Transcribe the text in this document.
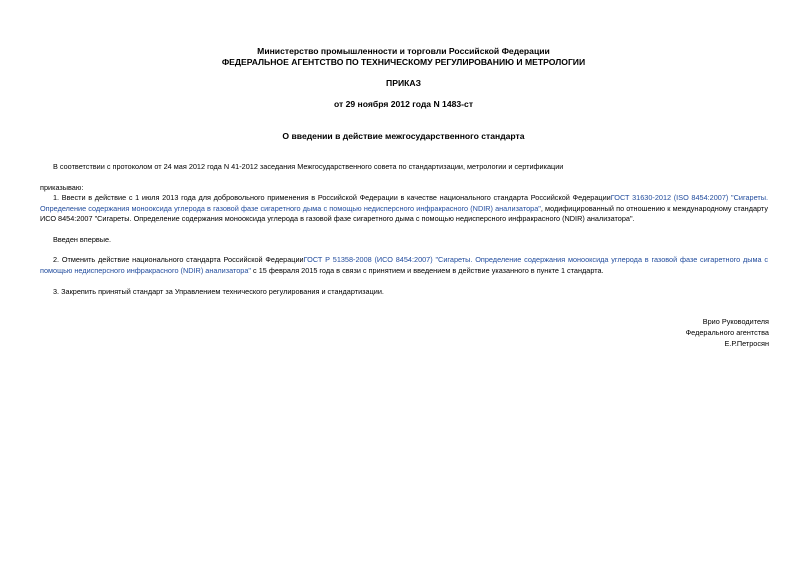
Министерство промышленности и торговли Российской Федерации
ФЕДЕРАЛЬНОЕ АГЕНТСТВО ПО ТЕХНИЧЕСКОМУ РЕГУЛИРОВАНИЮ И МЕТРОЛОГИИ
ПРИКАЗ
от 29 ноября 2012 года N 1483-ст
О введении в действие межгосударственного стандарта
В соответствии с протоколом от 24 мая 2012 года N 41-2012 заседания Межгосударственного совета по стандартизации, метрологии и сертификации
приказываю:
1. Ввести в действие с 1 июля 2013 года для добровольного применения в Российской Федерации в качестве национального стандарта Российской ФедерацииГОСТ 31630-2012 (ISO 8454:2007) "Сигареты. Определение содержания монооксида углерода в газовой фазе сигаретного дыма с помощью недисперсного инфракрасного (NDIR) анализатора", модифицированный по отношению к международному стандарту ИСО 8454:2007 "Сигареты. Определение содержания монооксида углерода в газовой фазе сигаретного дыма с помощью недисперсного инфракрасного (NDIR) анализатора".
Введен впервые.
2. Отменить действие национального стандарта Российской ФедерацииГОСТ Р 51358-2008 (ИСО 8454:2007) "Сигареты. Определение содержания монооксида углерода в газовой фазе сигаретного дыма с помощью недисперсного инфракрасного (NDIR) анализатора" с 15 февраля 2015 года в связи с принятием и введением в действие указанного в пункте 1 стандарта.
3. Закрепить принятый стандарт за Управлением технического регулирования и стандартизации.
Врио Руководителя
Федерального агентства
Е.Р.Петросян
